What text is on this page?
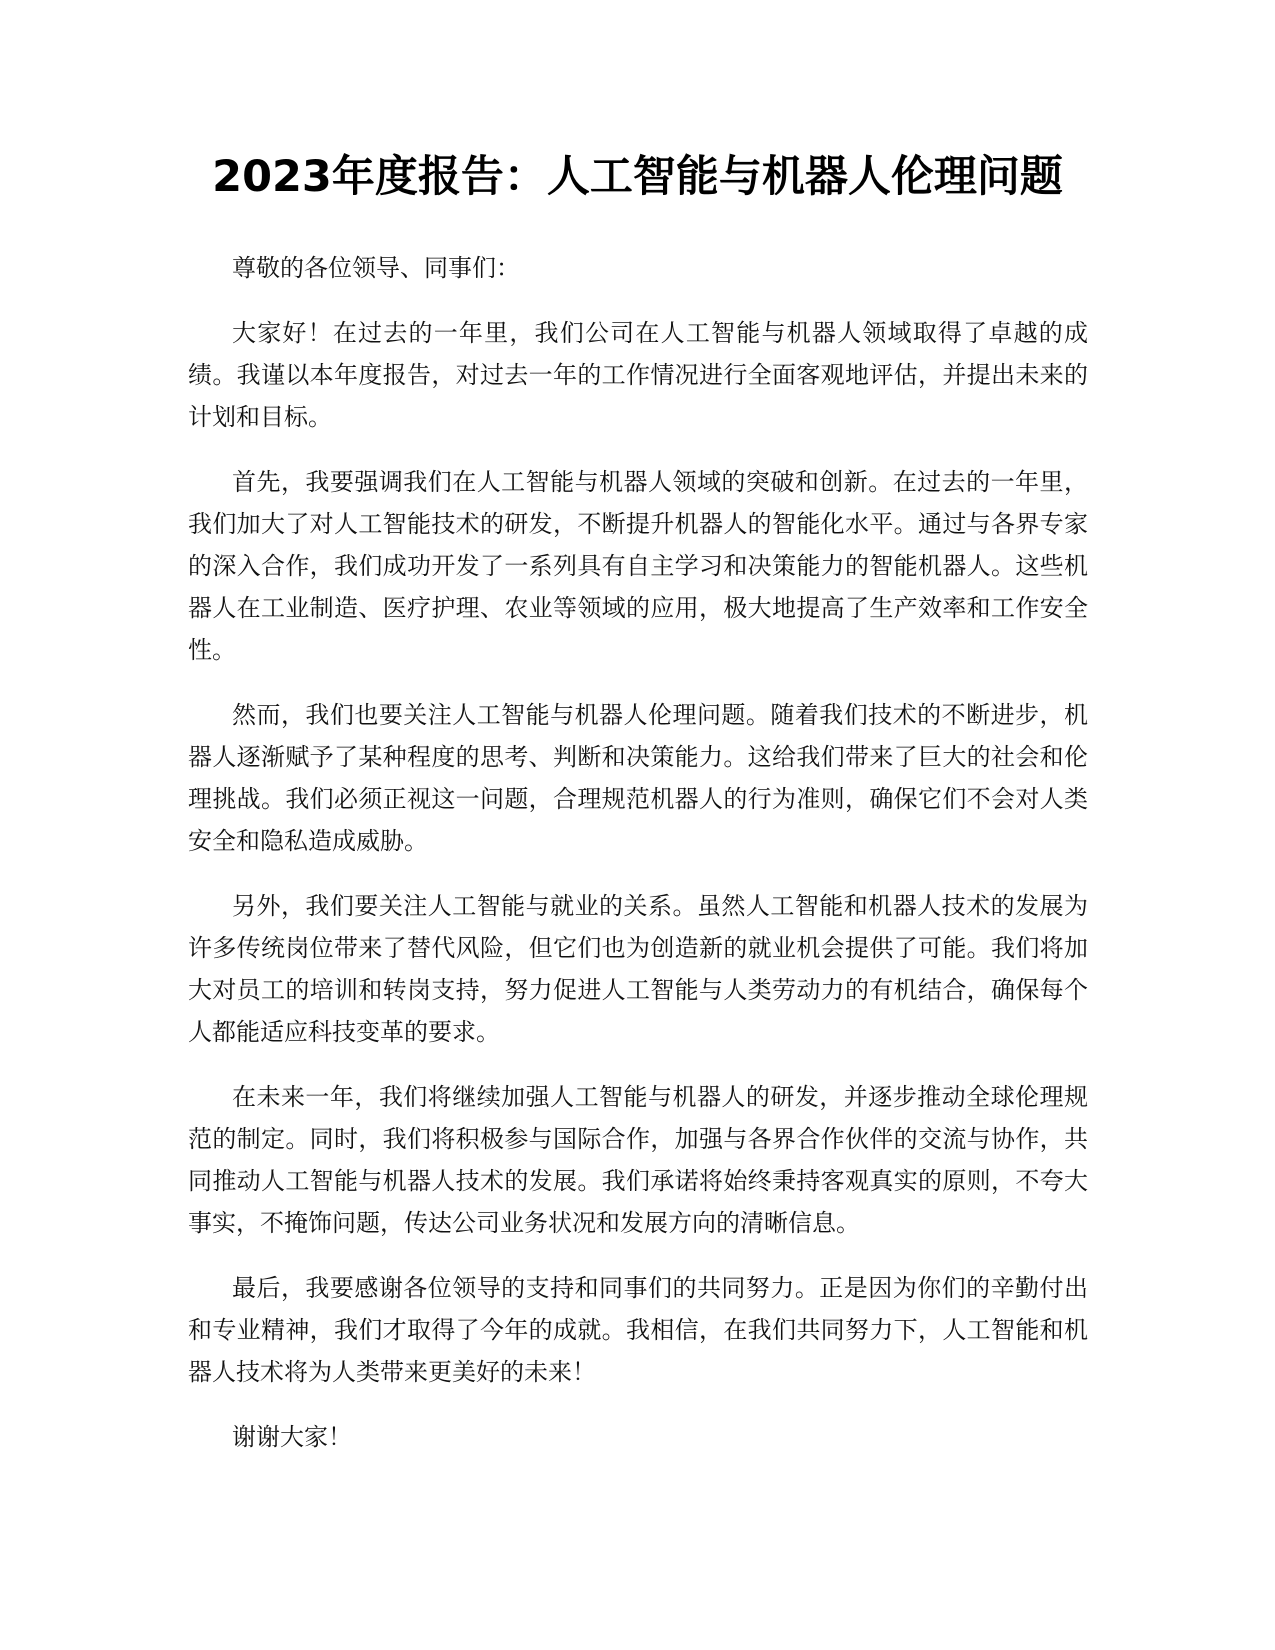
2023年度报告：人工智能与机器人伦理问题

尊敬的各位领导、同事们：

大家好！在过去的一年里，我们公司在人工智能与机器人领域取得了卓越的成绩。我谨以本年度报告，对过去一年的工作情况进行全面客观地评估，并提出未来的计划和目标。

首先，我要强调我们在人工智能与机器人领域的突破和创新。在过去的一年里，我们加大了对人工智能技术的研发，不断提升机器人的智能化水平。通过与各界专家的深入合作，我们成功开发了一系列具有自主学习和决策能力的智能机器人。这些机器人在工业制造、医疗护理、农业等领域的应用，极大地提高了生产效率和工作安全性。

然而，我们也要关注人工智能与机器人伦理问题。随着我们技术的不断进步，机器人逐渐赋予了某种程度的思考、判断和决策能力。这给我们带来了巨大的社会和伦理挑战。我们必须正视这一问题，合理规范机器人的行为准则，确保它们不会对人类安全和隐私造成威胁。

另外，我们要关注人工智能与就业的关系。虽然人工智能和机器人技术的发展为许多传统岗位带来了替代风险，但它们也为创造新的就业机会提供了可能。我们将加大对员工的培训和转岗支持，努力促进人工智能与人类劳动力的有机结合，确保每个人都能适应科技变革的要求。

在未来一年，我们将继续加强人工智能与机器人的研发，并逐步推动全球伦理规范的制定。同时，我们将积极参与国际合作，加强与各界合作伙伴的交流与协作，共同推动人工智能与机器人技术的发展。我们承诺将始终秉持客观真实的原则，不夸大事实，不掩饰问题，传达公司业务状况和发展方向的清晰信息。

最后，我要感谢各位领导的支持和同事们的共同努力。正是因为你们的辛勤付出和专业精神，我们才取得了今年的成就。我相信，在我们共同努力下，人工智能和机器人技术将为人类带来更美好的未来！

谢谢大家！
